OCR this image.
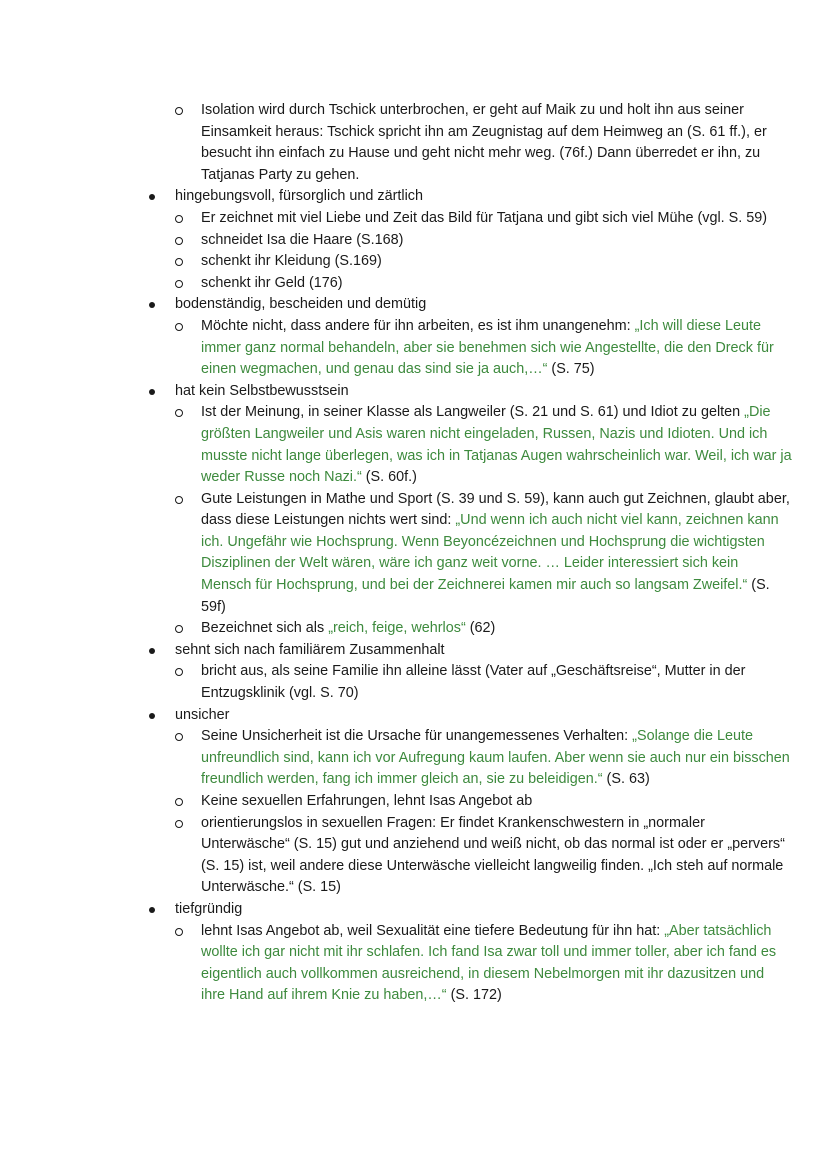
Isolation wird durch Tschick unterbrochen, er geht auf Maik zu und holt ihn aus seiner Einsamkeit heraus: Tschick spricht ihn am Zeugnistag auf dem Heimweg an (S. 61 ff.), er besucht ihn einfach zu Hause und geht nicht mehr weg. (76f.) Dann überredet er ihn, zu Tatjanas Party zu gehen.
hingebungsvoll, fürsorglich und zärtlich
Er zeichnet mit viel Liebe und Zeit das Bild für Tatjana und gibt sich viel Mühe (vgl. S. 59)
schneidet Isa die Haare (S.168)
schenkt ihr Kleidung (S.169)
schenkt ihr Geld (176)
bodenständig, bescheiden und demütig
Möchte nicht, dass andere für ihn arbeiten, es ist ihm unangenehm: „Ich will diese Leute immer ganz normal behandeln, aber sie benehmen sich wie Angestellte, die den Dreck für einen wegmachen, und genau das sind sie ja auch,…“ (S. 75)
hat kein Selbstbewusstsein
Ist der Meinung, in seiner Klasse als Langweiler (S. 21 und S. 61) und Idiot zu gelten „Die größten Langweiler und Asis waren nicht eingeladen, Russen, Nazis und Idioten. Und ich musste nicht lange überlegen, was ich in Tatjanas Augen wahrscheinlich war. Weil, ich war ja weder Russe noch Nazi.“ (S. 60f.)
Gute Leistungen in Mathe und Sport (S. 39 und S. 59), kann auch gut Zeichnen, glaubt aber, dass diese Leistungen nichts wert sind: „Und wenn ich auch nicht viel kann, zeichnen kann ich. Ungefähr wie Hochsprung. Wenn Beyoncézeichnen und Hochsprung die wichtigsten Disziplinen der Welt wären, wäre ich ganz weit vorne. … Leider interessiert sich kein Mensch für Hochsprung, und bei der Zeichnerei kamen mir auch so langsam Zweifel.“ (S. 59f)
Bezeichnet sich als „reich, feige, wehrlos“ (62)
sehnt sich nach familiärem Zusammenhalt
bricht aus, als seine Familie ihn alleine lässt (Vater auf „Geschäftsreise“, Mutter in der Entzugsklinik (vgl. S. 70)
unsicher
Seine Unsicherheit ist die Ursache für unangemessenes Verhalten: „Solange die Leute unfreundlich sind, kann ich vor Aufregung kaum laufen. Aber wenn sie auch nur ein bisschen freundlich werden, fang ich immer gleich an, sie zu beleidigen.“ (S. 63)
Keine sexuellen Erfahrungen, lehnt Isas Angebot ab
orientierungslos in sexuellen Fragen: Er findet Krankenschwestern in „normaler Unterwäsche“ (S. 15) gut und anziehend und weiß nicht, ob das normal ist oder er „pervers“ (S. 15) ist, weil andere diese Unterwäsche vielleicht langweilig finden. „Ich steh auf normale Unterwäsche.“ (S. 15)
tiefgründig
lehnt Isas Angebot ab, weil Sexualität eine tiefere Bedeutung für ihn hat: „Aber tatsächlich wollte ich gar nicht mit ihr schlafen. Ich fand Isa zwar toll und immer toller, aber ich fand es eigentlich auch vollkommen ausreichend, in diesem Nebelmorgen mit ihr dazusitzen und ihre Hand auf ihrem Knie zu haben,…“ (S. 172)
